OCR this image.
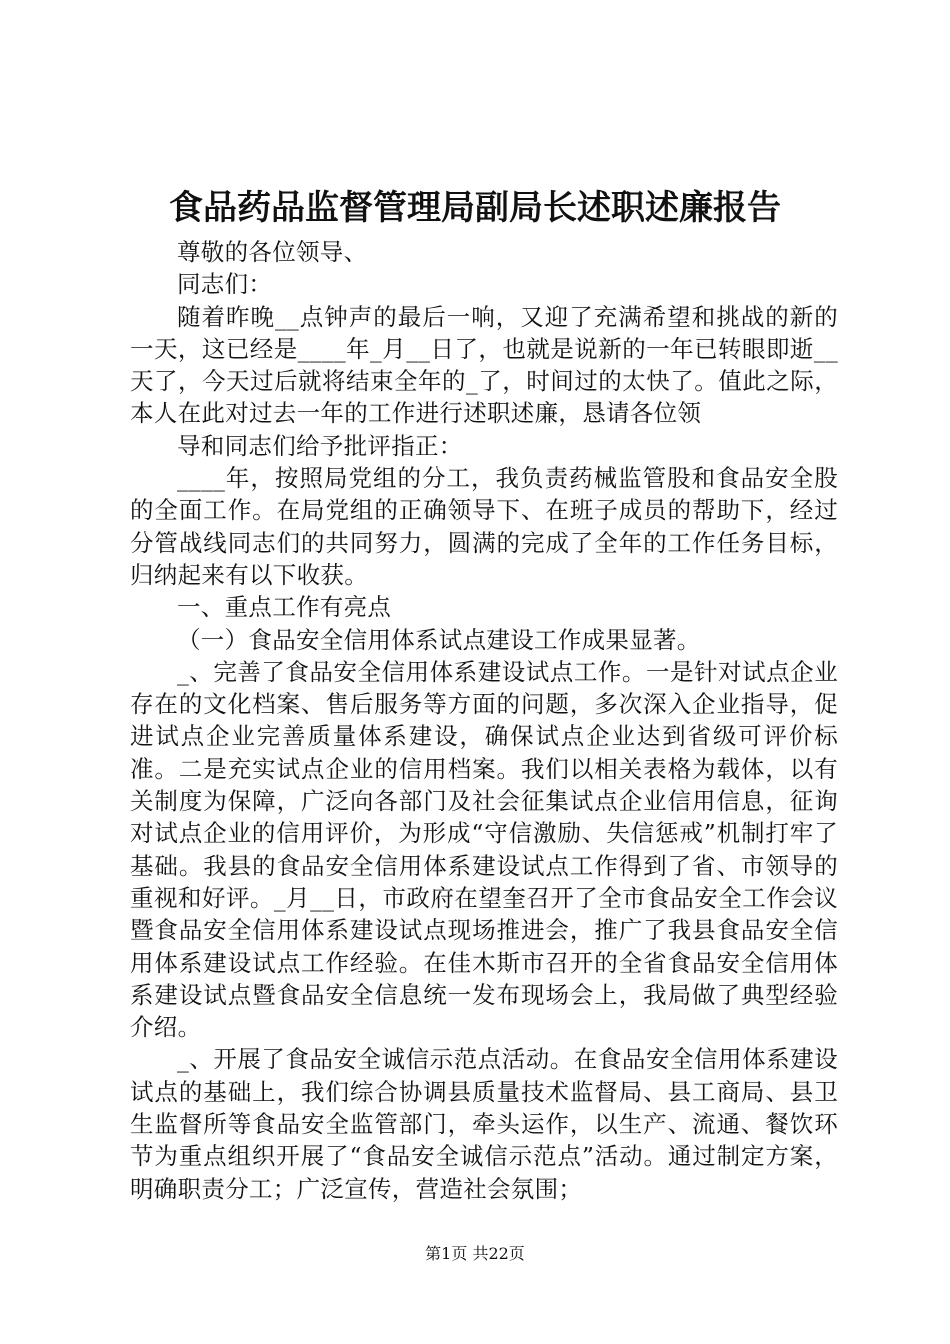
食品药品监督管理局副局长述职述廉报告

尊敬的各位领导、

同志们：

随着昨晚__点钟声的最后一响，又迎了充满希望和挑战的新的一天，这已经是____年_月__日了，也就是说新的一年已转眼即逝__天了，今天过后就将结束全年的_了，时间过的太快了。值此之际，本人在此对过去一年的工作进行述职述廉，恳请各位领

导和同志们给予批评指正：

____年，按照局党组的分工，我负责药械监管股和食品安全股的全面工作。在局党组的正确领导下、在班子成员的帮助下，经过分管战线同志们的共同努力，圆满的完成了全年的工作任务目标，归纳起来有以下收获。

一、重点工作有亮点

（一）食品安全信用体系试点建设工作成果显著。

_、完善了食品安全信用体系建设试点工作。一是针对试点企业存在的文化档案、售后服务等方面的问题，多次深入企业指导，促进试点企业完善质量体系建设，确保试点企业达到省级可评价标准。二是充实试点企业的信用档案。我们以相关表格为载体，以有关制度为保障，广泛向各部门及社会征集试点企业信用信息，征询对试点企业的信用评价，为形成“守信激励、失信惩戒”机制打牢了基础。我县的食品安全信用体系建设试点工作得到了省、市领导的重视和好评。_月__日，市政府在望奎召开了全市食品安全工作会议暨食品安全信用体系建设试点现场推进会，推广了我县食品安全信用体系建设试点工作经验。在佳木斯市召开的全省食品安全信用体系建设试点暨食品安全信息统一发布现场会上，我局做了典型经验介绍。

_、开展了食品安全诚信示范点活动。在食品安全信用体系建设试点的基础上，我们综合协调县质量技术监督局、县工商局、县卫生监督所等食品安全监管部门，牵头运作，以生产、流通、餐饮环节为重点组织开展了“食品安全诚信示范点”活动。通过制定方案，明确职责分工；广泛宣传，营造社会氛围；

第1页 共22页
